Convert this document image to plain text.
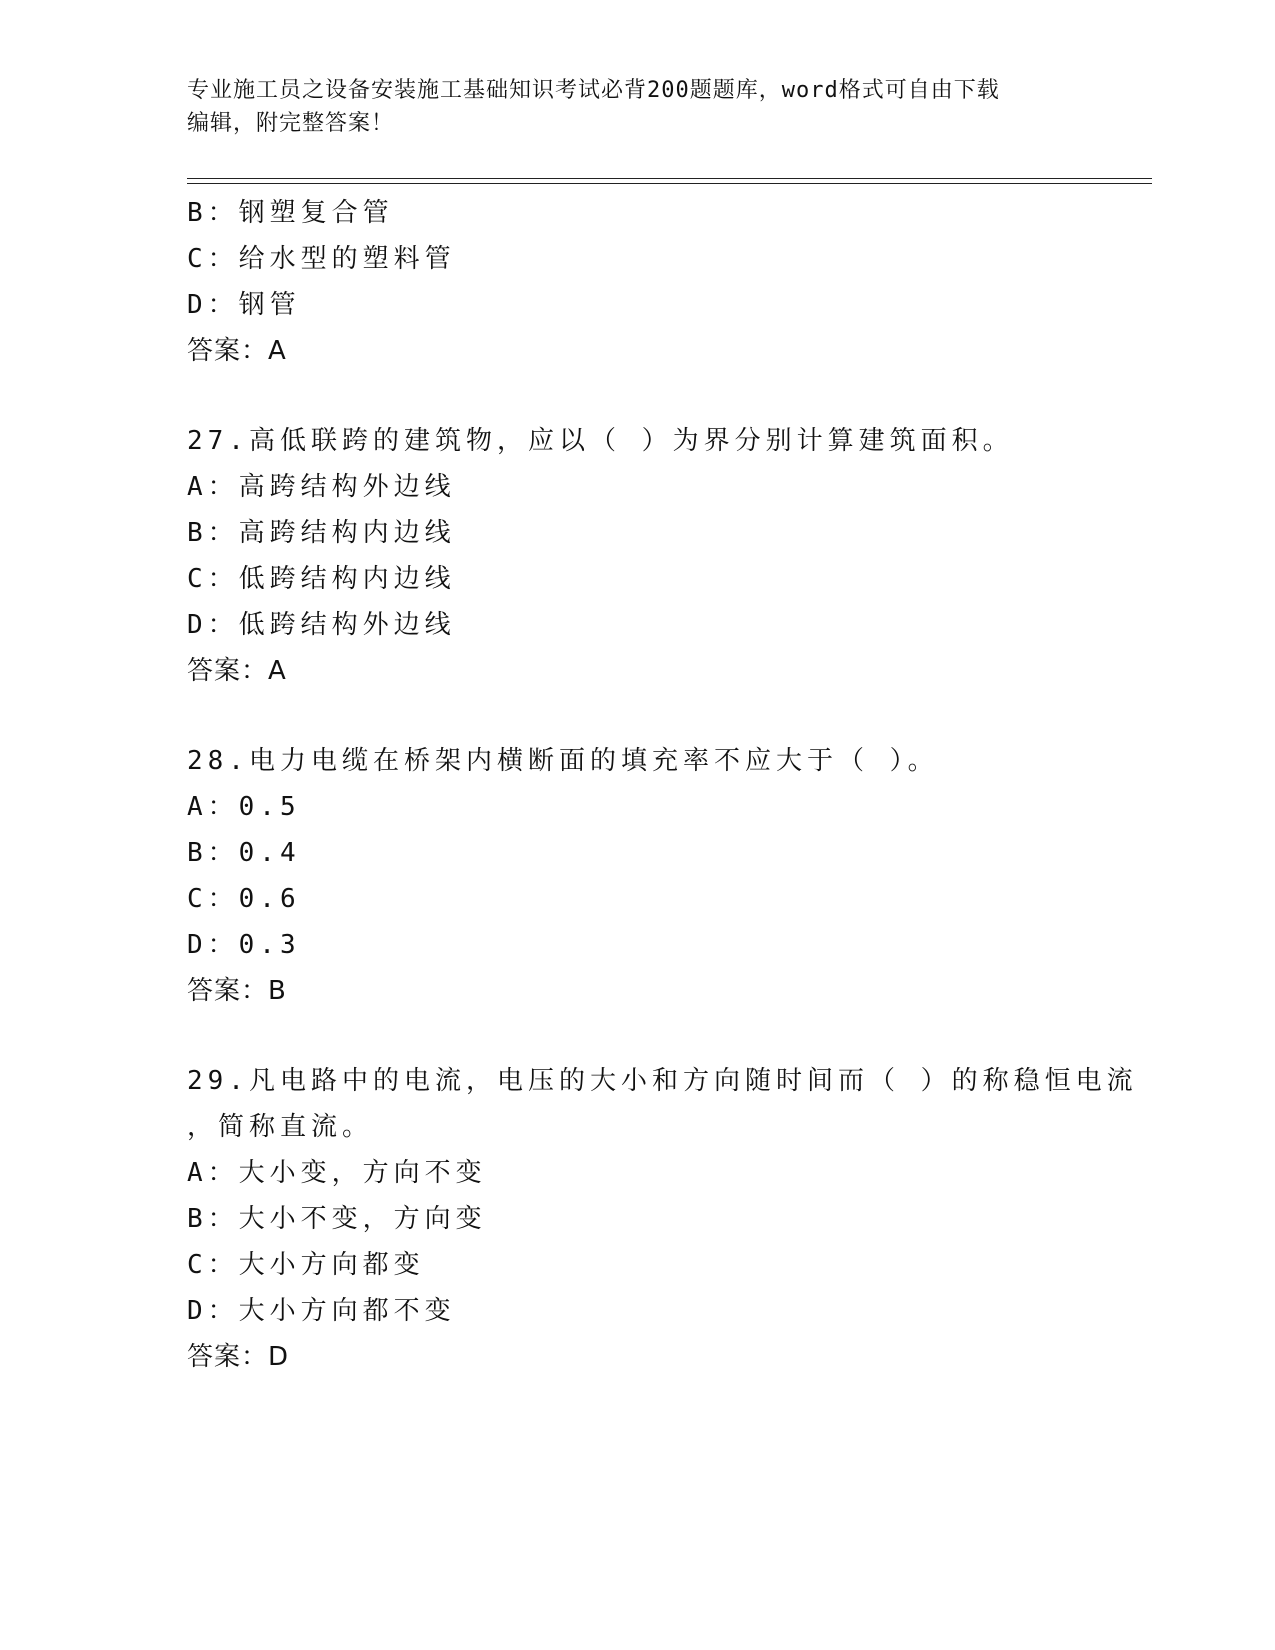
专业施工员之设备安装施工基础知识考试必背200题题库，word格式可自由下载
编辑，附完整答案！
B：钢塑复合管
C：给水型的塑料管
D：钢管
答案：A
27.高低联跨的建筑物，应以（ ）为界分别计算建筑面积。
A：高跨结构外边线
B：高跨结构内边线
C：低跨结构内边线
D：低跨结构外边线
答案：A
28.电力电缆在桥架内横断面的填充率不应大于（ ）。
A：0.5
B：0.4
C：0.6
D：0.3
答案：B
29.凡电路中的电流，电压的大小和方向随时间而（ ）的称稳恒电流
，简称直流。
A：大小变，方向不变
B：大小不变，方向变
C：大小方向都变
D：大小方向都不变
答案：D
